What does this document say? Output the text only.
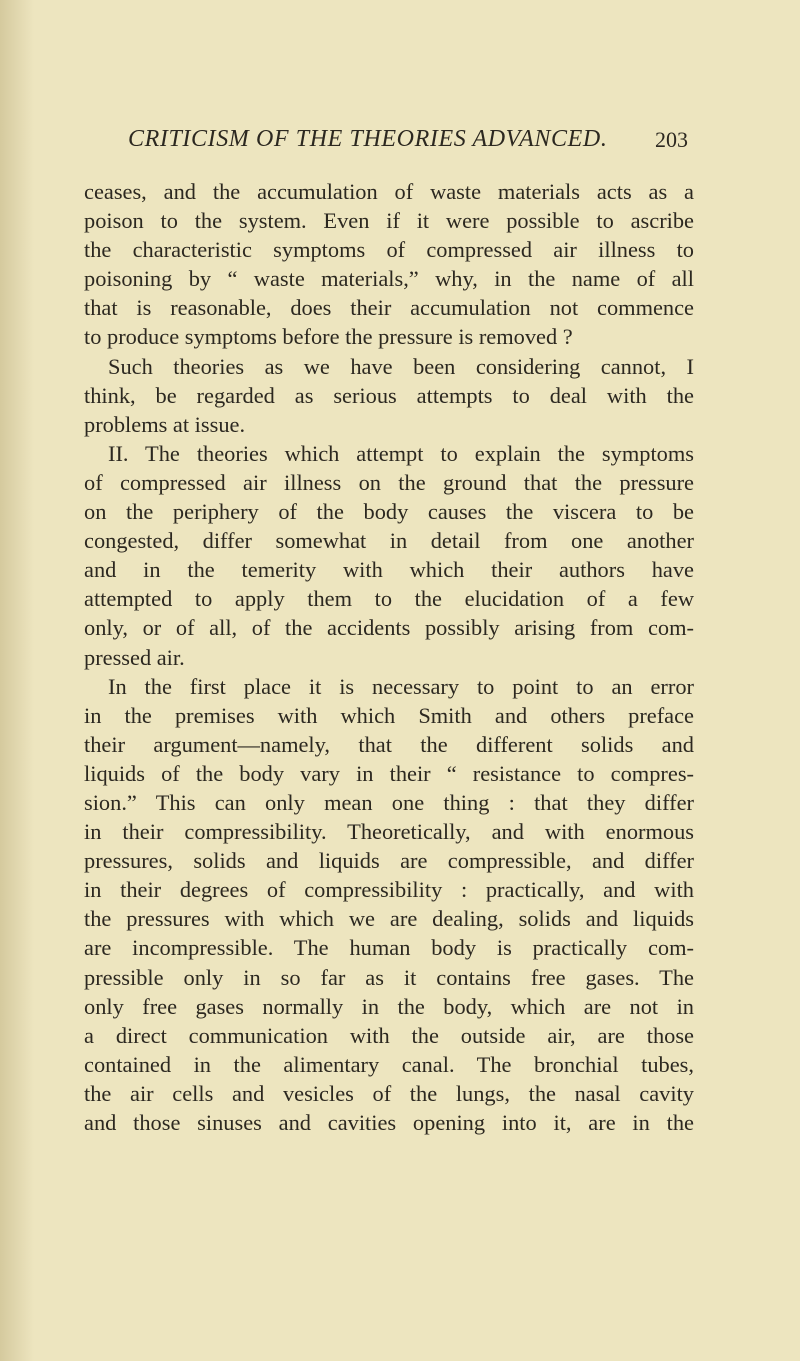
CRITICISM OF THE THEORIES ADVANCED. 203
ceases, and the accumulation of waste materials acts as a
poison to the system. Even if it were possible to ascribe
the characteristic symptoms of compressed air illness to
poisoning by “ waste materials,” why, in the name of all
that is reasonable, does their accumulation not commence
to produce symptoms before the pressure is removed ?
Such theories as we have been considering cannot, I
think, be regarded as serious attempts to deal with the
problems at issue.
II. The theories which attempt to explain the symptoms
of compressed air illness on the ground that the pressure
on the periphery of the body causes the viscera to be
congested, differ somewhat in detail from one another
and in the temerity with which their authors have
attempted to apply them to the elucidation of a few
only, or of all, of the accidents possibly arising from com-
pressed air.
In the first place it is necessary to point to an error
in the premises with which Smith and others preface
their argument—namely, that the different solids and
liquids of the body vary in their “ resistance to compres-
sion.” This can only mean one thing : that they differ
in their compressibility. Theoretically, and with enormous
pressures, solids and liquids are compressible, and differ
in their degrees of compressibility : practically, and with
the pressures with which we are dealing, solids and liquids
are incompressible. The human body is practically com-
pressible only in so far as it contains free gases. The
only free gases normally in the body, which are not in
a direct communication with the outside air, are those
contained in the alimentary canal. The bronchial tubes,
the air cells and vesicles of the lungs, the nasal cavity
and those sinuses and cavities opening into it, are in the
